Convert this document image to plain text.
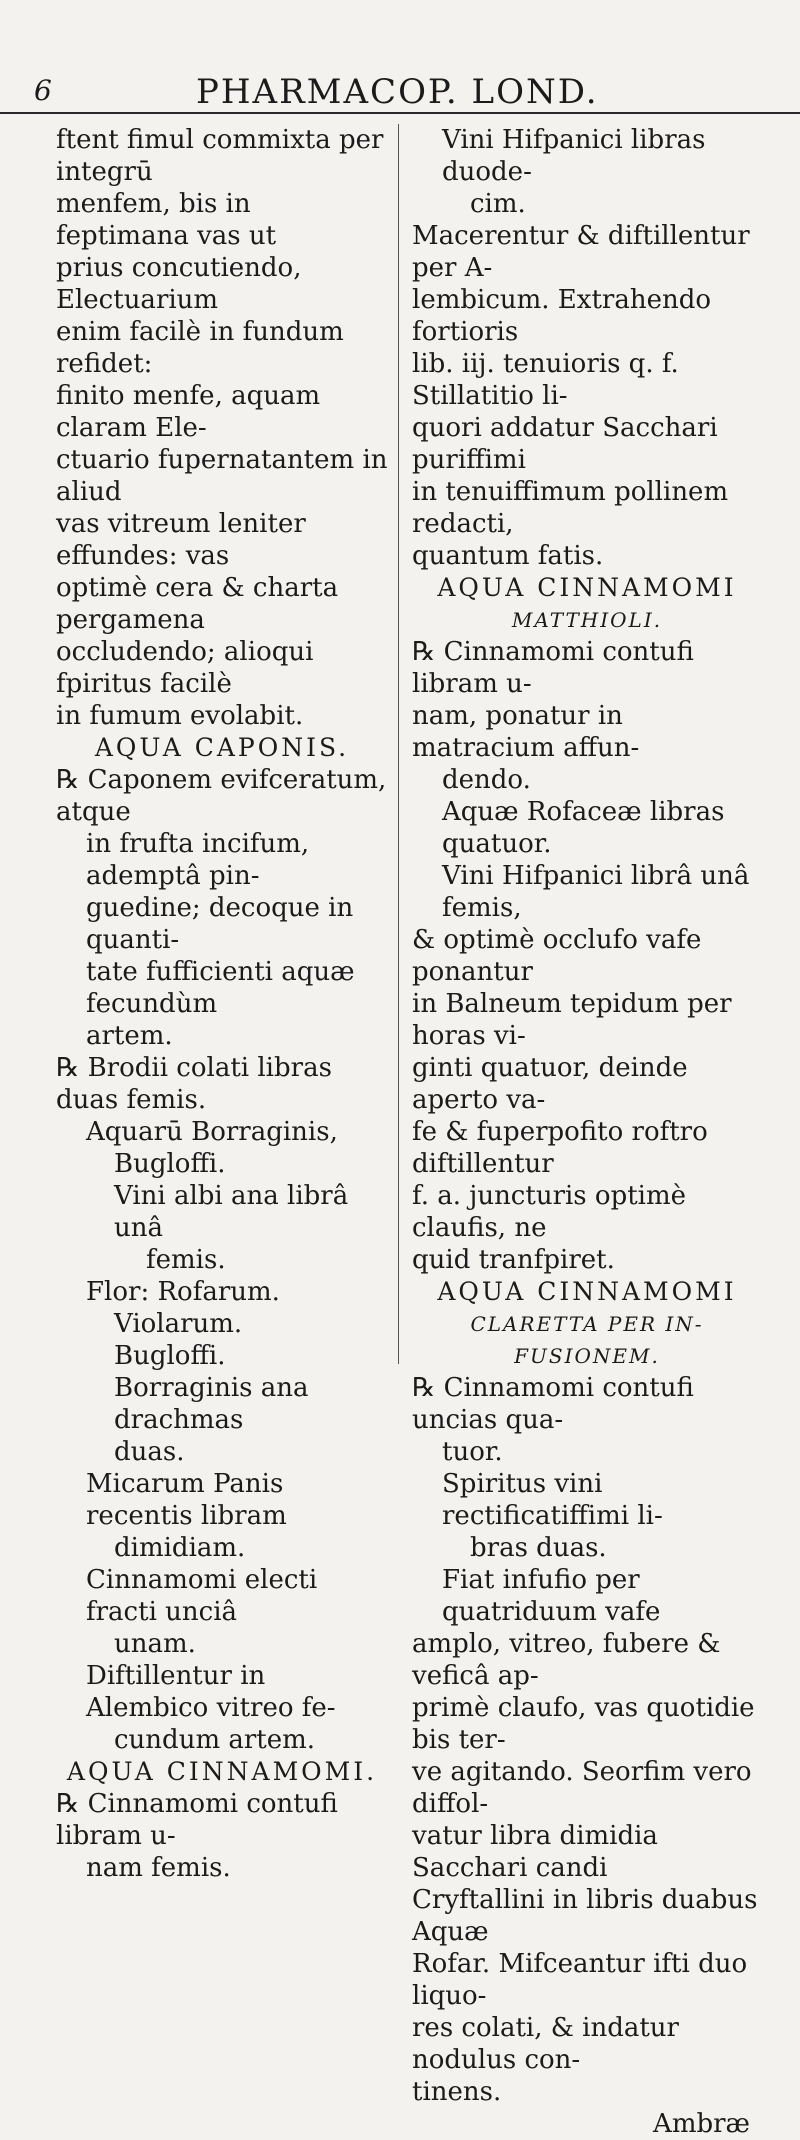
6	PHARMACOP. LOND.

ftent fimul commixta per integrū

menfem, bis in feptimana vas ut

prius concutiendo, Electuarium

enim facilè in fundum refidet:

finito menfe, aquam claram Ele-

ctuario fupernatantem in aliud

vas vitreum leniter effundes: vas

optimè cera & charta pergamena

occludendo; alioqui fpiritus facilè

in fumum evolabit.

AQUA CAPONIS.

℞ Caponem evifceratum, atque

in frufta incifum, ademptâ pin-

guedine; decoque in quanti-

tate fufficienti aquæ fecundùm

artem.

℞ Brodii colati libras duas femis.

Aquarū Borraginis,

Bugloffi.

Vini albi ana librâ unâ

femis.

Flor: Rofarum.

Violarum.

Bugloffi.

Borraginis ana drachmas

duas.

Micarum Panis recentis libram

dimidiam.

Cinnamomi electi fracti unciâ

unam.

Diftillentur in Alembico vitreo fe-

cundum artem.

AQUA CINNAMOMI.

℞ Cinnamomi contufi libram u-

nam femis.

Vini Hifpanici libras duode-

cim.

Macerentur & diftillentur per A-

lembicum. Extrahendo fortioris

lib. iij. tenuioris q. f. Stillatitio li-

quori addatur Sacchari puriffimi

in tenuiffimum pollinem redacti,

quantum fatis.

AQUA CINNAMOMI

MATTHIOLI.

℞ Cinnamomi contufi libram u-

nam, ponatur in matracium affun-

dendo.

Aquæ Rofaceæ libras quatuor.

Vini Hifpanici librâ unâ femis,

& optimè occlufo vafe ponantur

in Balneum tepidum per horas vi-

ginti quatuor, deinde aperto va-

fe & fuperpofito roftro diftillentur

f. a. juncturis optimè claufis, ne

quid tranfpiret.

AQUA CINNAMOMI

CLARETTA PER IN-

FUSIONEM.

℞ Cinnamomi contufi uncias qua-

tuor.

Spiritus vini rectificatiffimi li-

bras duas.

Fiat infufio per quatriduum vafe

amplo, vitreo, fubere & veficâ ap-

primè claufo, vas quotidie bis ter-

ve agitando. Seorfim vero diffol-

vatur libra dimidia Sacchari candi

Cryftallini in libris duabus Aquæ

Rofar. Mifceantur ifti duo liquo-

res colati, & indatur nodulus con-

tinens.

Ambræ
